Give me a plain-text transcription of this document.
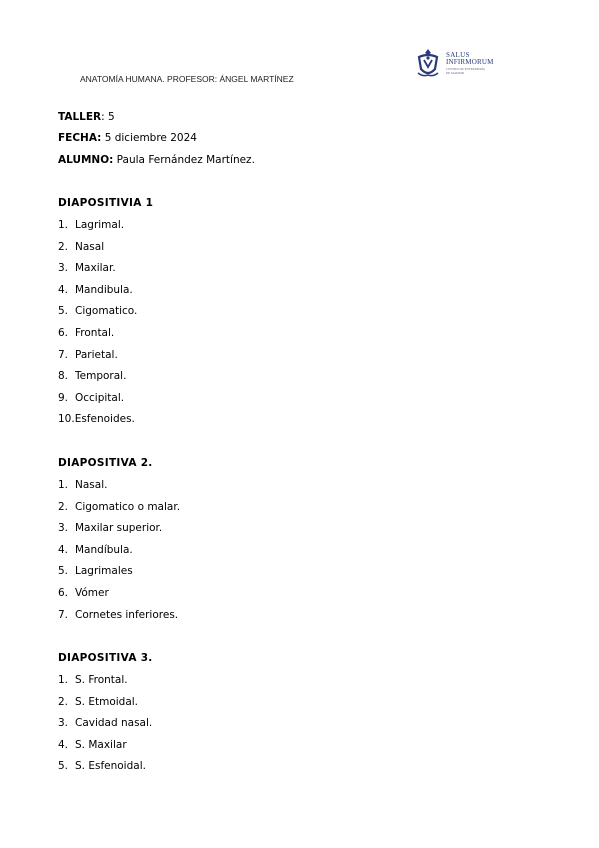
ANATOMÍA HUMANA. PROFESOR: ÁNGEL MARTÍNEZ
SALUS
INFIRMORUM
CENTRO DE ENFERMERÍA
DE MADRID
TALLER: 5
FECHA: 5 diciembre 2024
ALUMNO: Paula Fernández Martínez.
DIAPOSITIVIA 1
1. Lagrimal.
2. Nasal
3. Maxilar.
4. Mandibula.
5. Cigomatico.
6. Frontal.
7. Parietal.
8. Temporal.
9. Occipital.
10.Esfenoides.
DIAPOSITIVA 2.
1. Nasal.
2. Cigomatico o malar.
3. Maxilar superior.
4. Mandíbula.
5. Lagrimales
6. Vómer
7. Cornetes inferiores.
DIAPOSITIVA 3.
1. S. Frontal.
2. S. Etmoidal.
3. Cavidad nasal.
4. S. Maxilar
5. S. Esfenoidal.
